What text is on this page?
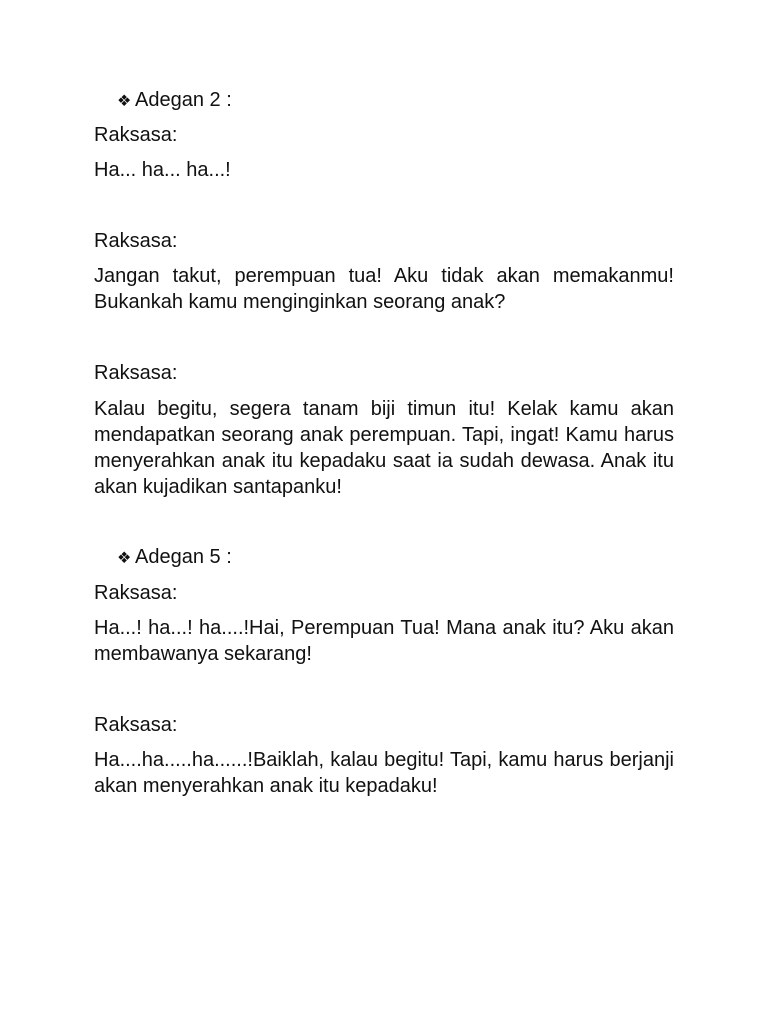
❖ Adegan 2 :

Raksasa:

Ha... ha... ha...!

Raksasa:

Jangan takut, perempuan tua! Aku tidak akan memakanmu! Bukankah kamu menginginkan seorang anak?

Raksasa:

Kalau begitu, segera tanam biji timun itu! Kelak kamu akan mendapatkan seorang anak perempuan. Tapi, ingat! Kamu harus menyerahkan anak itu kepadaku saat ia sudah dewasa. Anak itu akan kujadikan santapanku!

❖ Adegan 5 :

Raksasa:

Ha...! ha...! ha....!Hai, Perempuan Tua! Mana anak itu? Aku akan membawanya sekarang!

Raksasa:

Ha....ha.....ha......!Baiklah, kalau begitu! Tapi, kamu harus berjanji akan menyerahkan anak itu kepadaku!
